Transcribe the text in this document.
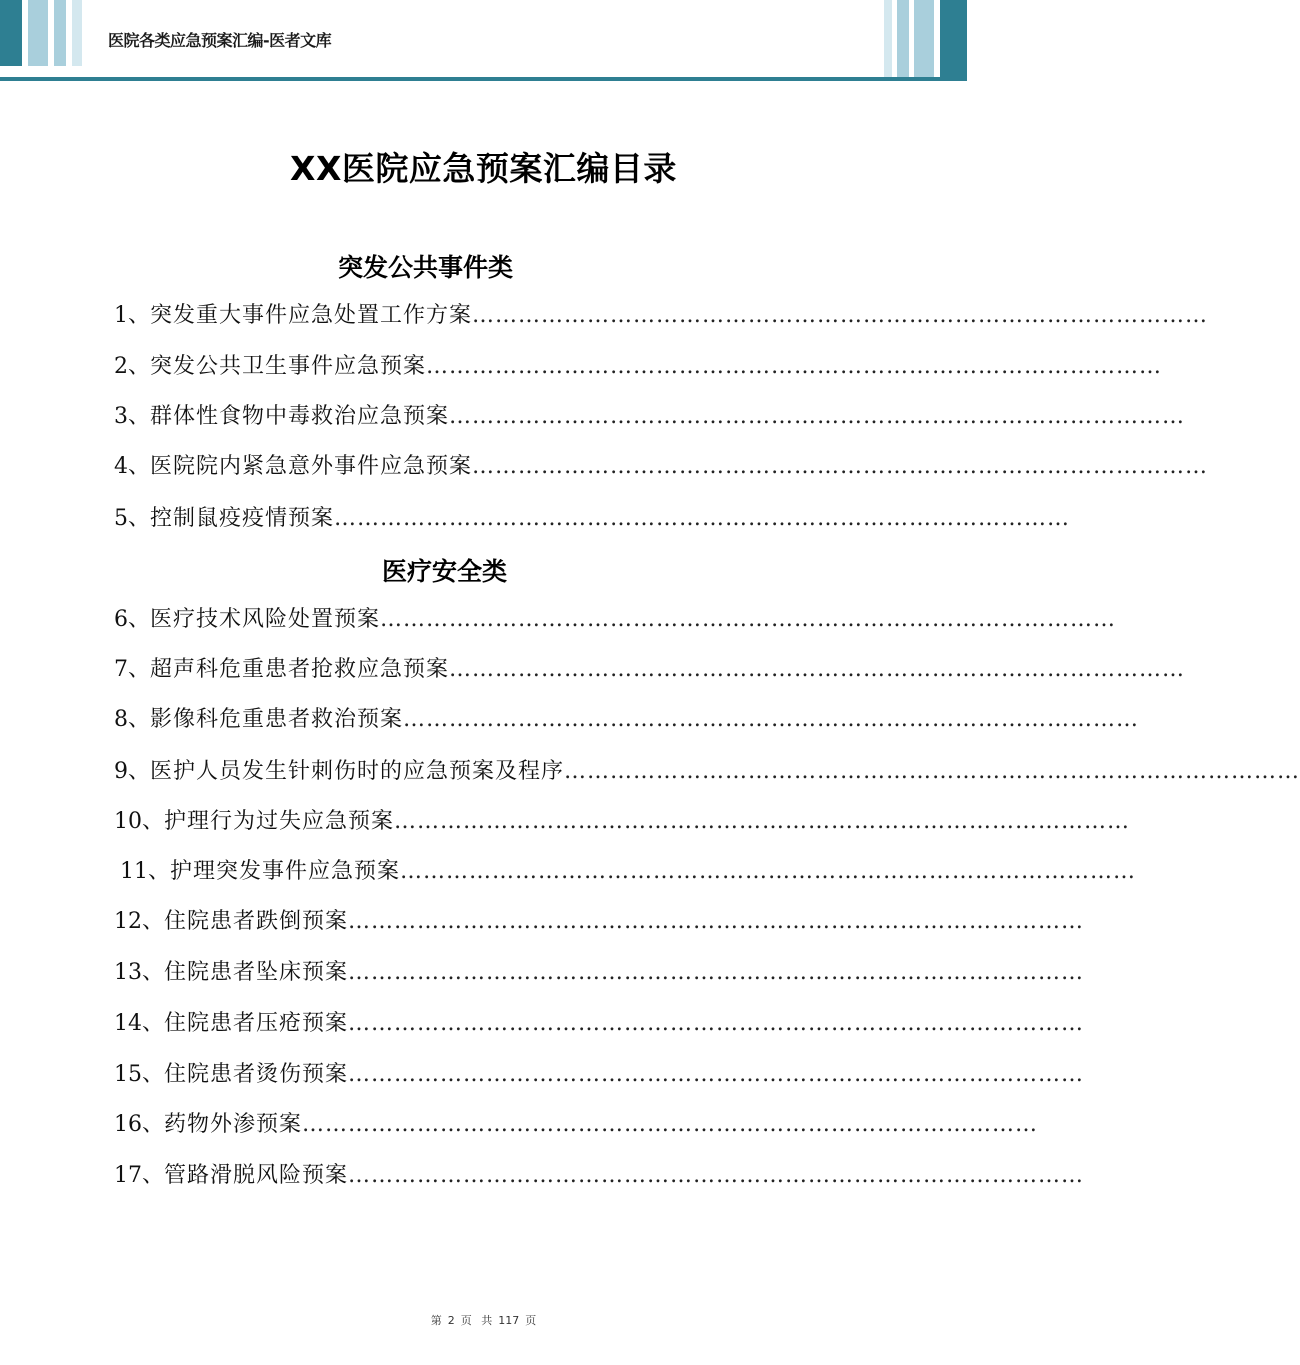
医院各类应急预案汇编-医者文库
XX医院应急预案汇编目录
突发公共事件类
1、 突发重大事件应急处置工作方案 ……………………………………………………………………………………
2、 突发公共卫生事件应急预案 ……………………………………………………………………………………
3、 群体性食物中毒救治应急预案 ……………………………………………………………………………………
4、 医院院内紧急意外事件应急预案 ……………………………………………………………………………………
5、 控制鼠疫疫情预案 ……………………………………………………………………………………
医疗安全类
6、 医疗技术风险处置预案 ……………………………………………………………………………………
7、 超声科危重患者抢救应急预案 ……………………………………………………………………………………
8、 影像科危重患者救治预案 ……………………………………………………………………………………
9、 医护人员发生针刺伤时的应急预案及程序 ……………………………………………………………………………………
10、 护理行为过失应急预案 ……………………………………………………………………………………
11、 护理突发事件应急预案 ……………………………………………………………………………………
12、 住院患者跌倒预案 ……………………………………………………………………………………
13、 住院患者坠床预案 ……………………………………………………………………………………
14、 住院患者压疮预案 ……………………………………………………………………………………
15、 住院患者烫伤预案 ……………………………………………………………………………………
16、 药物外渗预案 ……………………………………………………………………………………
17、 管路滑脱风险预案 ……………………………………………………………………………………
第 2 页 共 117 页
